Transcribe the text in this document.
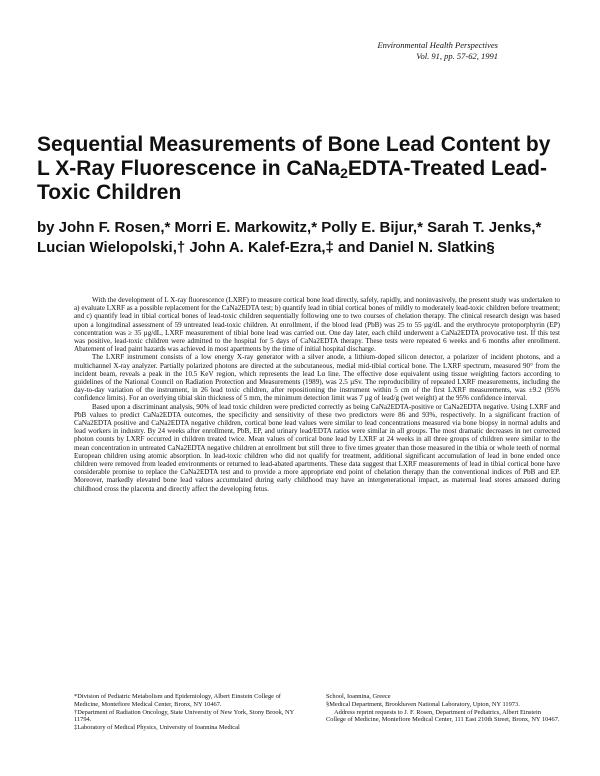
Environmental Health Perspectives
Vol. 91, pp. 57-62, 1991
Sequential Measurements of Bone Lead Content by L X-Ray Fluorescence in CaNa$_2$EDTA-Treated Lead-Toxic Children

by John F. Rosen,* Morri E. Markowitz,* Polly E. Bijur,* Sarah T. Jenks,* Lucian Wielopolski,† John A. Kalef-Ezra,‡ and Daniel N. Slatkin§

With the development of L X-ray fluorescence (LXRF) to measure cortical bone lead directly, safely, rapidly, and noninvasively, the present study was undertaken to a) evaluate LXRF as a possible replacement for the CaNa2EDTA test; b) quantify lead in tibial cortical bones of mildly to moderately lead-toxic children before treatment; and c) quantify lead in tibial cortical bones of lead-toxic children sequentially following one to two courses of chelation therapy. The clinical research design was based upon a longitudinal assessment of 59 untreated lead-toxic children. At enrollment, if the blood lead (PbB) was 25 to 55 µg/dL and the erythrocyte protoporphyrin (EP) concentration was ≥ 35 µg/dL, LXRF measurement of tibial bone lead was carried out. One day later, each child underwent a CaNa2EDTA provocative test. If this test was positive, lead-toxic children were admitted to the hospital for 5 days of CaNa2EDTA therapy. These tests were repeated 6 weeks and 6 months after enrollment. Abatement of lead paint hazards was achieved in most apartments by the time of initial hospital discharge.

The LXRF instrument consists of a low energy X-ray generator with a silver anode, a lithium-doped silicon detector, a polarizer of incident photons, and a multichannel X-ray analyzer. Partially polarized photons are directed at the subcutaneous, medial mid-tibial cortical bone. The LXRF spectrum, measured 90° from the incident beam, reveals a peak in the 10.5 KeV region, which represents the lead Lα line. The effective dose equivalent using tissue weighting factors according to guidelines of the National Council on Radiation Protection and Measurements (1989), was 2.5 µSv. The reproducibility of repeated LXRF measurements, including the day-to-day variation of the instrument, in 26 lead toxic children, after repositioning the instrument within 5 cm of the first LXRF measurements, was ±9.2 (95% confidence limits). For an overlying tibial skin thickness of 5 mm, the minimum detection limit was 7 µg of lead/g (wet weight) at the 95% confidence interval.

Based upon a discriminant analysis, 90% of lead toxic children were predicted correctly as being CaNa2EDTA-positive or CaNa2EDTA negative. Using LXRF and PbB values to predict CaNa2EDTA outcomes, the specificity and sensitivity of these two predictors were 86 and 93%, respectively. In a significant fraction of CaNa2EDTA positive and CaNa2EDTA negative children, cortical bone lead values were similar to lead concentrations measured via bone biopsy in normal adults and lead workers in industry. By 24 weeks after enrollment, PbB, EP, and urinary lead/EDTA ratios were similar in all groups. The most dramatic decreases in net corrected photon counts by LXRF occurred in children treated twice. Mean values of cortical bone lead by LXRF at 24 weeks in all three groups of children were similar to the mean concentration in untreated CaNa2EDTA negative children at enrollment but still three to five times greater than those measured in the tibia or whole teeth of normal European children using atomic absorption. In lead-toxic children who did not qualify for treatment, additional significant accumulation of lead in bone ended once children were removed from leaded environments or returned to lead-abated apartments. These data suggest that LXRF measurements of lead in tibial cortical bone have considerable promise to replace the CaNa2EDTA test and to provide a more appropriate end point of chelation therapy than the conventional indices of PbB and EP. Moreover, markedly elevated bone lead values accumulated during early childhood may have an intergenerational impact, as maternal lead stores amassed during childhood cross the placenta and directly affect the developing fetus.

*Division of Pediatric Metabolism and Epidemiology, Albert Einstein College of Medicine, Montefiore Medical Center, Bronx, NY 10467.

†Department of Radiation Oncology, State University of New York, Stony Brook, NY 11794.

‡Laboratory of Medical Physics, University of Ioannina Medical

School, Ioannina, Greece

§Medical Department, Brookhaven National Laboratory, Upton, NY 11973.

Address reprint requests to J. F. Rosen, Department of Pediatrics, Albert Einstein College of Medicine, Montefiore Medical Center, 111 East 210th Street, Bronx, NY 10467.
